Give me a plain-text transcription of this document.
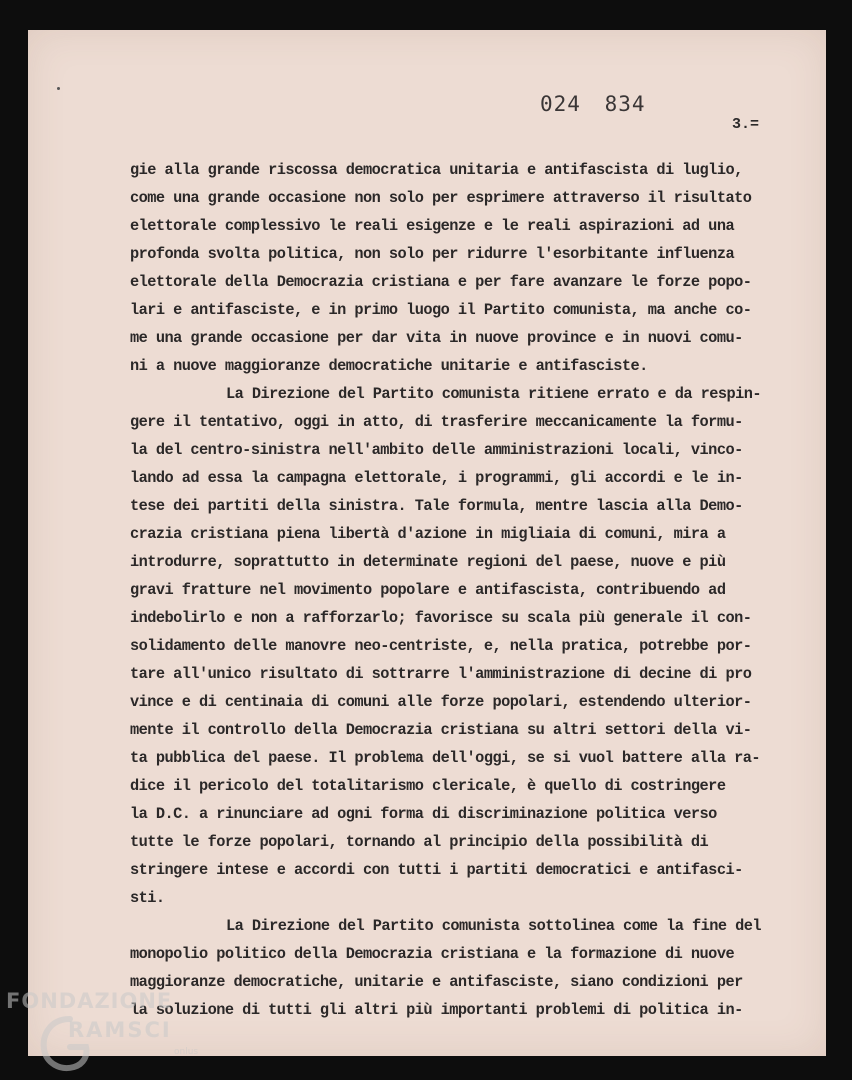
024 834
3.=
gie alla grande riscossa democratica unitaria e antifascista di luglio,
come una grande occasione non solo per esprimere attraverso il risultato
elettorale complessivo le reali esigenze e le reali aspirazioni ad una
profonda svolta politica, non solo per ridurre l'esorbitante influenza
elettorale della Democrazia cristiana e per fare avanzare le forze popo-
lari e antifasciste, e in primo luogo il Partito comunista, ma anche co-
me una grande occasione per dar vita in nuove province e in nuovi comu-
ni a nuove maggioranze democratiche unitarie e antifasciste.
La Direzione del Partito comunista ritiene errato e da respin-
gere il tentativo, oggi in atto, di trasferire meccanicamente la formu-
la del centro-sinistra nell'ambito delle amministrazioni locali, vinco-
lando ad essa la campagna elettorale, i programmi, gli accordi e le in-
tese dei partiti della sinistra. Tale formula, mentre lascia alla Demo-
crazia cristiana piena libertà d'azione in migliaia di comuni, mira a
introdurre, soprattutto in determinate regioni del paese, nuove e più
gravi fratture nel movimento popolare e antifascista, contribuendo ad
indebolirlo e non a rafforzarlo; favorisce su scala più generale il con-
solidamento delle manovre neo-centriste, e, nella pratica, potrebbe por-
tare all'unico risultato di sottrarre l'amministrazione di decine di pro
vince e di centinaia di comuni alle forze popolari, estendendo ulterior-
mente il controllo della Democrazia cristiana su altri settori della vi-
ta pubblica del paese. Il problema dell'oggi, se si vuol battere alla ra-
dice il pericolo del totalitarismo clericale, è quello di costringere
la D.C. a rinunciare ad ogni forma di discriminazione politica verso
tutte le forze popolari, tornando al principio della possibilità di
stringere intese e accordi con tutti i partiti democratici e antifasci-
sti.
La Direzione del Partito comunista sottolinea come la fine del
monopolio politico della Democrazia cristiana e la formazione di nuove
maggioranze democratiche, unitarie e antifasciste, siano condizioni per
la soluzione di tutti gli altri più importanti problemi di politica in-
FONDAZIONE
RAMSCI
onlus
